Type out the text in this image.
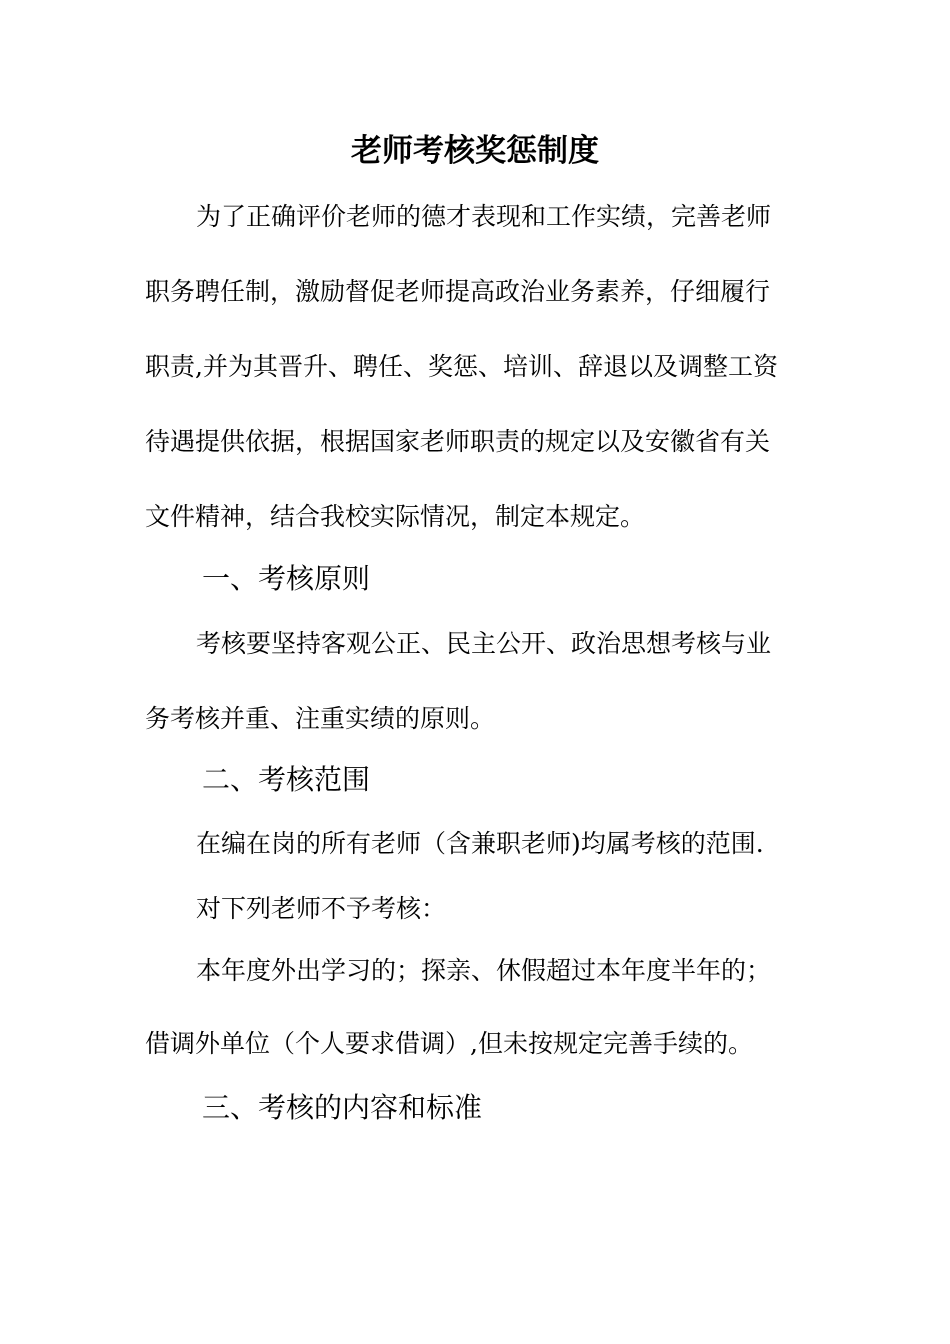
老师考核奖惩制度

为了正确评价老师的德才表现和工作实绩，完善老师

职务聘任制，激励督促老师提高政治业务素养，仔细履行

职责,并为其晋升、聘任、奖惩、培训、辞退以及调整工资

待遇提供依据，根据国家老师职责的规定以及安徽省有关

文件精神，结合我校实际情况，制定本规定。

一、考核原则

考核要坚持客观公正、民主公开、政治思想考核与业

务考核并重、注重实绩的原则。

二、考核范围

在编在岗的所有老师（含兼职老师)均属考核的范围.

对下列老师不予考核：

本年度外出学习的；探亲、休假超过本年度半年的；

借调外单位（个人要求借调）,但未按规定完善手续的。

三、考核的内容和标准
